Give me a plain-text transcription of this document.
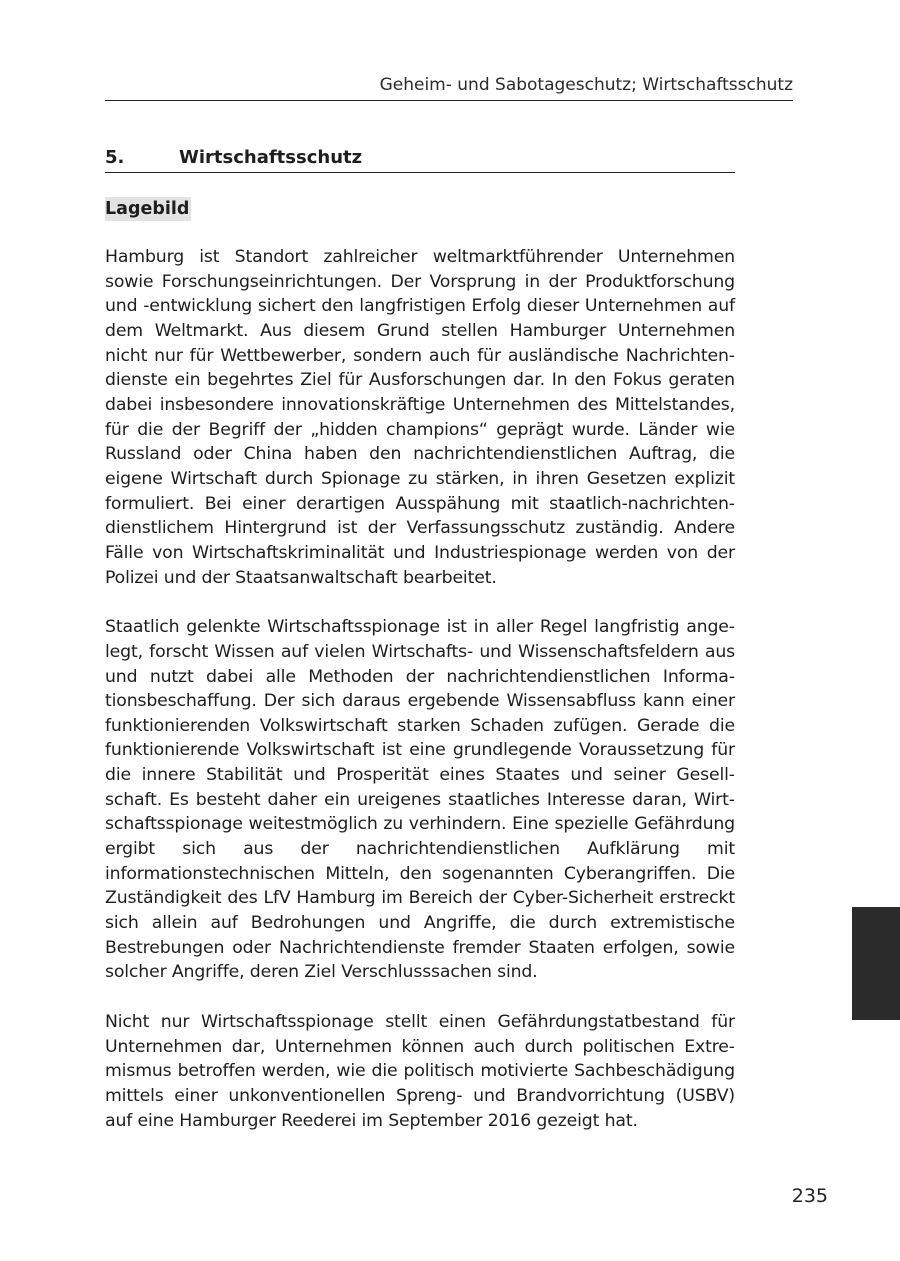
Geheim- und Sabotageschutz; Wirtschaftsschutz
5.	Wirtschaftsschutz
Lagebild

Hamburg ist Standort zahlreicher weltmarktführender Unternehmen sowie Forschungseinrichtungen. Der Vorsprung in der Produktforschung und -entwicklung sichert den langfristigen Erfolg dieser Unternehmen auf dem Weltmarkt. Aus diesem Grund stellen Hamburger Unternehmen nicht nur für Wettbewerber, sondern auch für ausländische Nachrichtendienste ein begehrtes Ziel für Ausforschungen dar. In den Fokus geraten dabei insbesondere innovationskräftige Unternehmen des Mittelstandes, für die der Begriff der „hidden champions“ geprägt wurde. Länder wie Russland oder China haben den nachrichtendienstlichen Auftrag, die eigene Wirtschaft durch Spionage zu stärken, in ihren Gesetzen explizit formuliert. Bei einer derartigen Ausspähung mit staatlich-nachrichtendienstlichem Hintergrund ist der Verfassungsschutz zuständig. Andere Fälle von Wirtschaftskriminalität und Industriespionage werden von der Polizei und der Staatsanwaltschaft bearbeitet.

Staatlich gelenkte Wirtschaftsspionage ist in aller Regel langfristig angelegt, forscht Wissen auf vielen Wirtschafts- und Wissenschaftsfeldern aus und nutzt dabei alle Methoden der nachrichtendienstlichen Informationsbeschaffung. Der sich daraus ergebende Wissensabfluss kann einer funktionierenden Volkswirtschaft starken Schaden zufügen. Gerade die funktionierende Volkswirtschaft ist eine grundlegende Voraussetzung für die innere Stabilität und Prosperität eines Staates und seiner Gesellschaft. Es besteht daher ein ureigenes staatliches Interesse daran, Wirtschaftsspionage weitestmöglich zu verhindern. Eine spezielle Gefährdung ergibt sich aus der nachrichtendienstlichen Aufklärung mit informationstechnischen Mitteln, den sogenannten Cyberangriffen. Die Zuständigkeit des LfV Hamburg im Bereich der Cyber-Sicherheit erstreckt sich allein auf Bedrohungen und Angriffe, die durch extremistische Bestrebungen oder Nachrichtendienste fremder Staaten erfolgen, sowie solcher Angriffe, deren Ziel Verschlusssachen sind.

Nicht nur Wirtschaftsspionage stellt einen Gefährdungstatbestand für Unternehmen dar, Unternehmen können auch durch politischen Extremismus betroffen werden, wie die politisch motivierte Sachbeschädigung mittels einer unkonventionellen Spreng- und Brandvorrichtung (USBV) auf eine Hamburger Reederei im September 2016 gezeigt hat.

235
